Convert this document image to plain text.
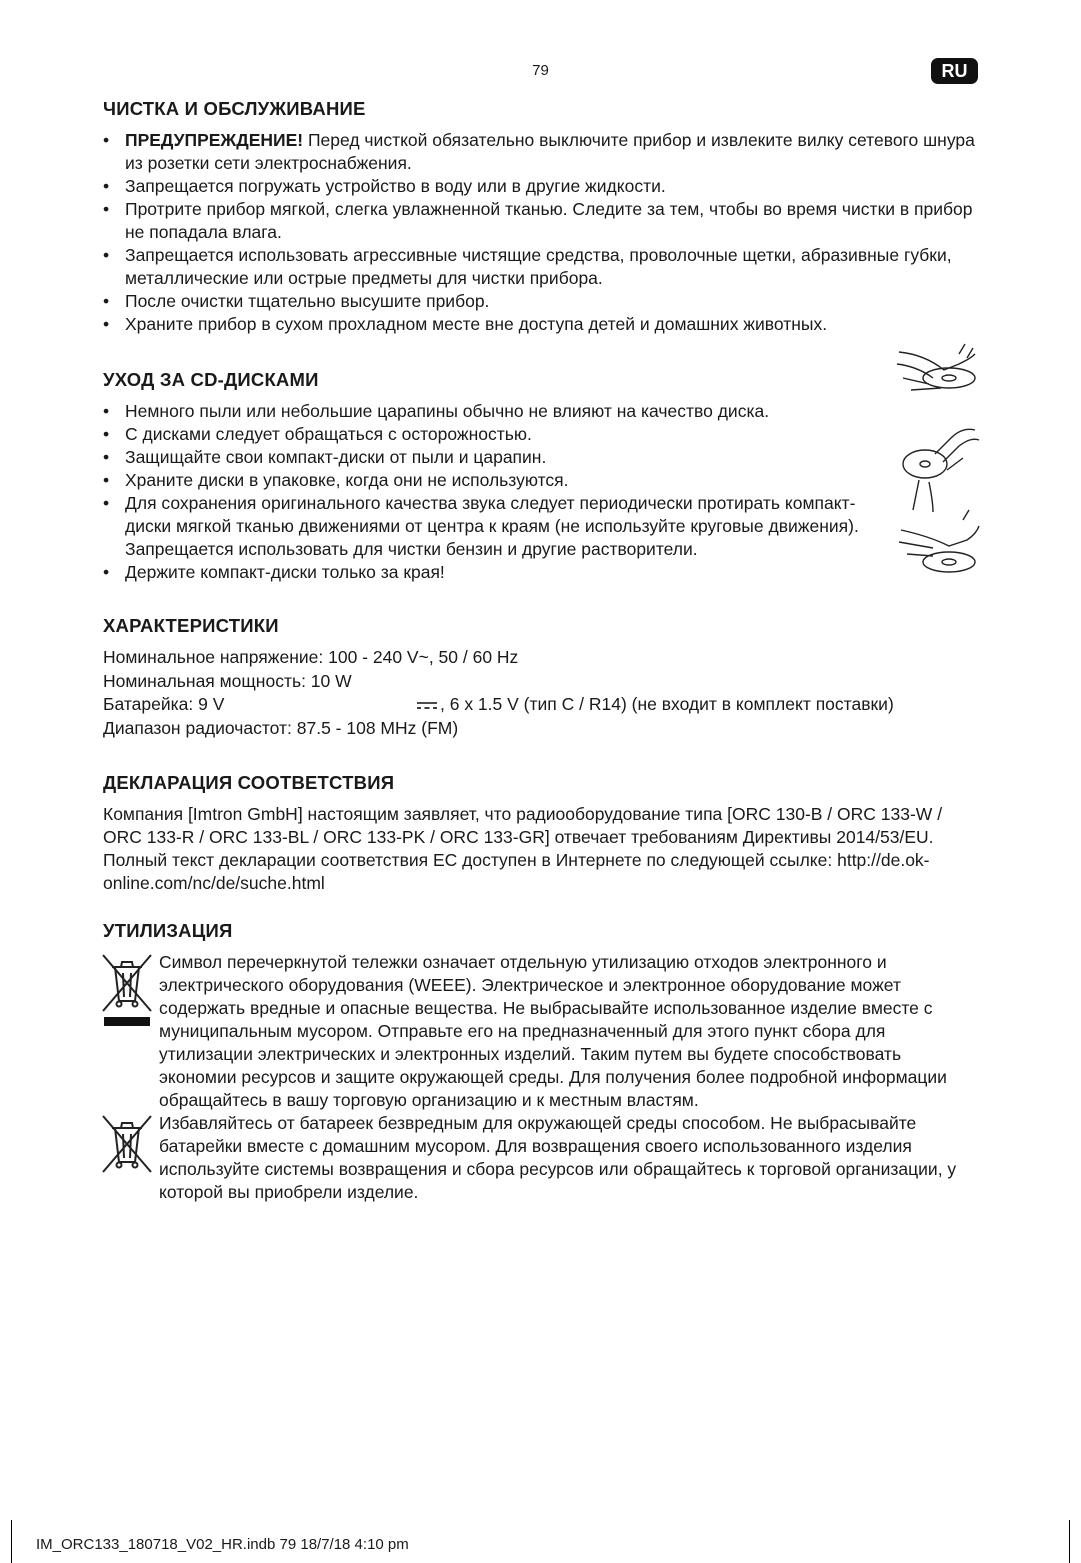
79	RU
ЧИСТКА И ОБСЛУЖИВАНИЕ
• ПРЕДУПРЕЖДЕНИЕ! Перед чисткой обязательно выключите прибор и извлеките вилку сетевого шнура из розетки сети электроснабжения.
• Запрещается погружать устройство в воду или в другие жидкости.
• Протрите прибор мягкой, слегка увлажненной тканью. Следите за тем, чтобы во время чистки в прибор не попадала влага.
• Запрещается использовать агрессивные чистящие средства, проволочные щетки, абразивные губки, металлические или острые предметы для чистки прибора.
• После очистки тщательно высушите прибор.
• Храните прибор в сухом прохладном месте вне доступа детей и домашних животных.
УХОД ЗА CD-ДИСКАМИ
• Немного пыли или небольшие царапины обычно не влияют на качество диска.
• С дисками следует обращаться с осторожностью.
• Защищайте свои компакт-диски от пыли и царапин.
• Храните диски в упаковке, когда они не используются.
• Для сохранения оригинального качества звука следует периодически протирать компакт-диски мягкой тканью движениями от центра к краям (не используйте круговые движения). Запрещается использовать для чистки бензин и другие растворители.
• Держите компакт-диски только за края!
ХАРАКТЕРИСТИКИ
Номинальное напряжение: 100 - 240 V~, 50 / 60 Hz
Номинальная мощность: 10 W
Батарейка: 9 V	, 6 x 1.5 V (тип C / R14) (не входит в комплект поставки)
Диапазон радиочастот: 87.5 - 108 MHz (FM)
ДЕКЛАРАЦИЯ СООТВЕТСТВИЯ
Компания [Imtron GmbH] настоящим заявляет, что радиооборудование типа [ORC 130-B / ORC 133-W / ORC 133-R / ORC 133-BL / ORC 133-PK / ORC 133-GR] отвечает требованиям Директивы 2014/53/EU. Полный текст декларации соответствия ЕС доступен в Интернете по следующей ссылке: http://de.ok-online.com/nc/de/suche.html
УТИЛИЗАЦИЯ
Символ перечеркнутой тележки означает отдельную утилизацию отходов электронного и электрического оборудования (WEEE). Электрическое и электронное оборудование может содержать вредные и опасные вещества. Не выбрасывайте использованное изделие вместе с муниципальным мусором. Отправьте его на предназначенный для этого пункт сбора для утилизации электрических и электронных изделий. Таким путем вы будете способствовать экономии ресурсов и защите окружающей среды. Для получения более подробной информации обращайтесь в вашу торговую организацию и к местным властям.
Избавляйтесь от батареек безвредным для окружающей среды способом. Не выбрасывайте батарейки вместе с домашним мусором. Для возвращения своего использованного изделия используйте системы возвращения и сбора ресурсов или обращайтесь к торговой организации, у которой вы приобрели изделие.
IM_ORC133_180718_V02_HR.indb 79 18/7/18 4:10 pm
